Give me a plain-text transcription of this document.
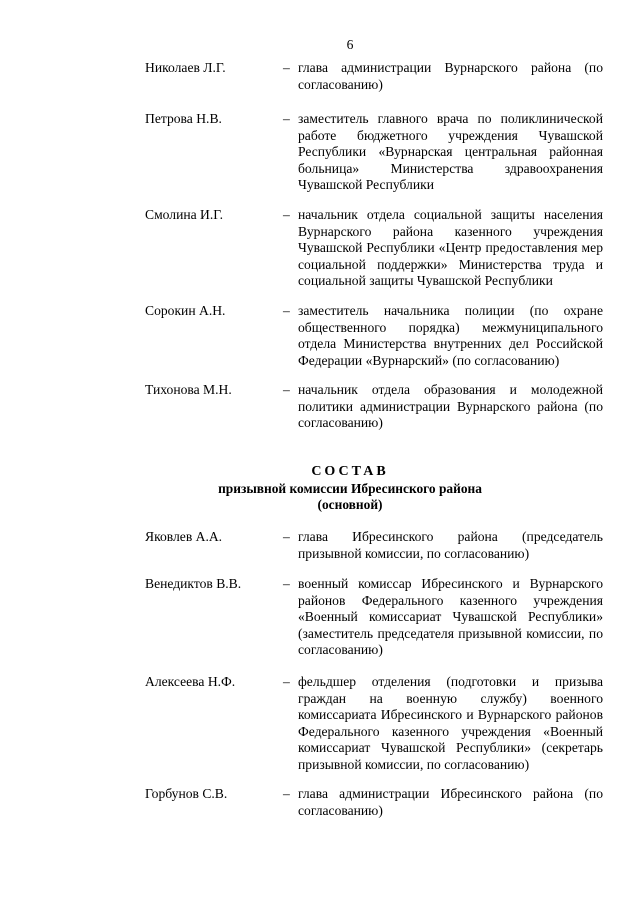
6
Николаев Л.Г.	– глава администрации Вурнарского района (по согласованию)
Петрова Н.В.	– заместитель главного врача по поликлинической работе бюджетного учреждения Чувашской Республики «Вурнарская центральная районная больница» Министерства здравоохранения Чувашской Республики
Смолина И.Г.	– начальник отдела социальной защиты населения Вурнарского района казенного учреждения Чувашской Республики «Центр предоставления мер социальной поддержки» Министерства труда и социальной защиты Чувашской Республики
Сорокин А.Н.	– заместитель начальника полиции (по охране общественного порядка) межмуниципального отдела Министерства внутренних дел Российской Федерации «Вурнарский» (по согласованию)
Тихонова М.Н.	– начальник отдела образования и молодежной политики администрации Вурнарского района (по согласованию)
СОСТАВ
призывной комиссии Ибресинского района
(основной)
Яковлев А.А.	– глава Ибресинского района (председатель призывной комиссии, по согласованию)
Венедиктов В.В.	– военный комиссар Ибресинского и Вурнарского районов Федерального казенного учреждения «Военный комиссариат Чувашской Республики» (заместитель председателя призывной комиссии, по согласованию)
Алексеева Н.Ф.	– фельдшер отделения (подготовки и призыва граждан на военную службу) военного комиссариата Ибресинского и Вурнарского районов Федерального казенного учреждения «Военный комиссариат Чувашской Республики» (секретарь призывной комиссии, по согласованию)
Горбунов С.В.	– глава администрации Ибресинского района (по согласованию)
